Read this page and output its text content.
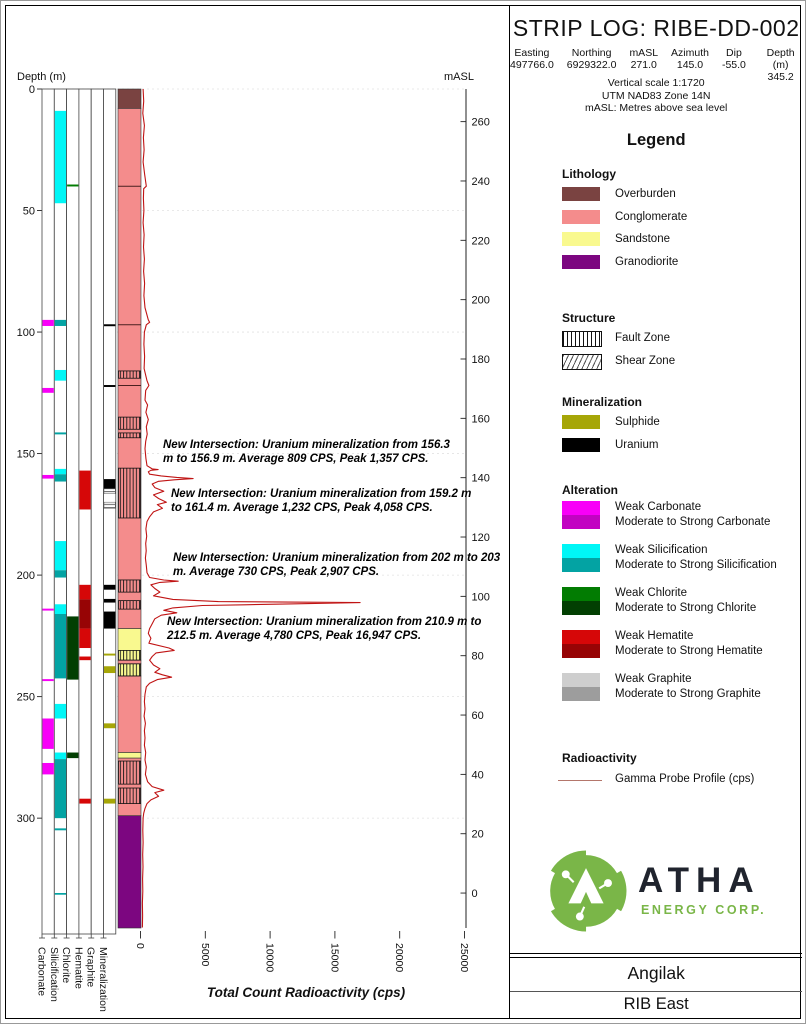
0
50
100
150
200
250
300
260
240
220
200
180
160
140
120
100
80
60
40
20
0
Depth (m)	mASL
Total Count Radioactivity (cps)
New Intersection: Uranium mineralization from 156.3 m to 156.9 m. Average 809 CPS, Peak 1,357 CPS.
New Intersection: Uranium mineralization from 159.2 m to 161.4 m. Average 1,232 CPS, Peak 4,058 CPS.
New Intersection: Uranium mineralization from 202 m to 203 m. Average 730 CPS, Peak 2,907 CPS.
New Intersection: Uranium mineralization from 210.9 m to 212.5 m. Average 4,780 CPS, Peak 16,947 CPS.
Carbonate Silicification Chlorite Hematite Graphite Mineralization
0	5000	10000	15000	20000	25000
STRIP LOG: RIBE-DD-002
Easting
497766.0
Northing
6929322.0
mASL
271.0
Azimuth
145.0
Dip
-55.0
Depth (m)
345.2
Vertical scale 1:1720
UTM NAD83 Zone 14N
mASL: Metres above sea level
Legend
Lithology
Overburden
Conglomerate
Sandstone
Granodiorite
Structure
Fault Zone
Shear Zone
Mineralization
Sulphide
Uranium
Alteration
Weak Carbonate
Moderate to Strong Carbonate
Weak Silicification
Moderate to Strong Silicification
Weak Chlorite
Moderate to Strong Chlorite
Weak Hematite
Moderate to Strong Hematite
Weak Graphite
Moderate to Strong Graphite
Radioactivity
Gamma Probe Profile (cps)
ATHA
ENERGY CORP.
Angilak
RIB East
